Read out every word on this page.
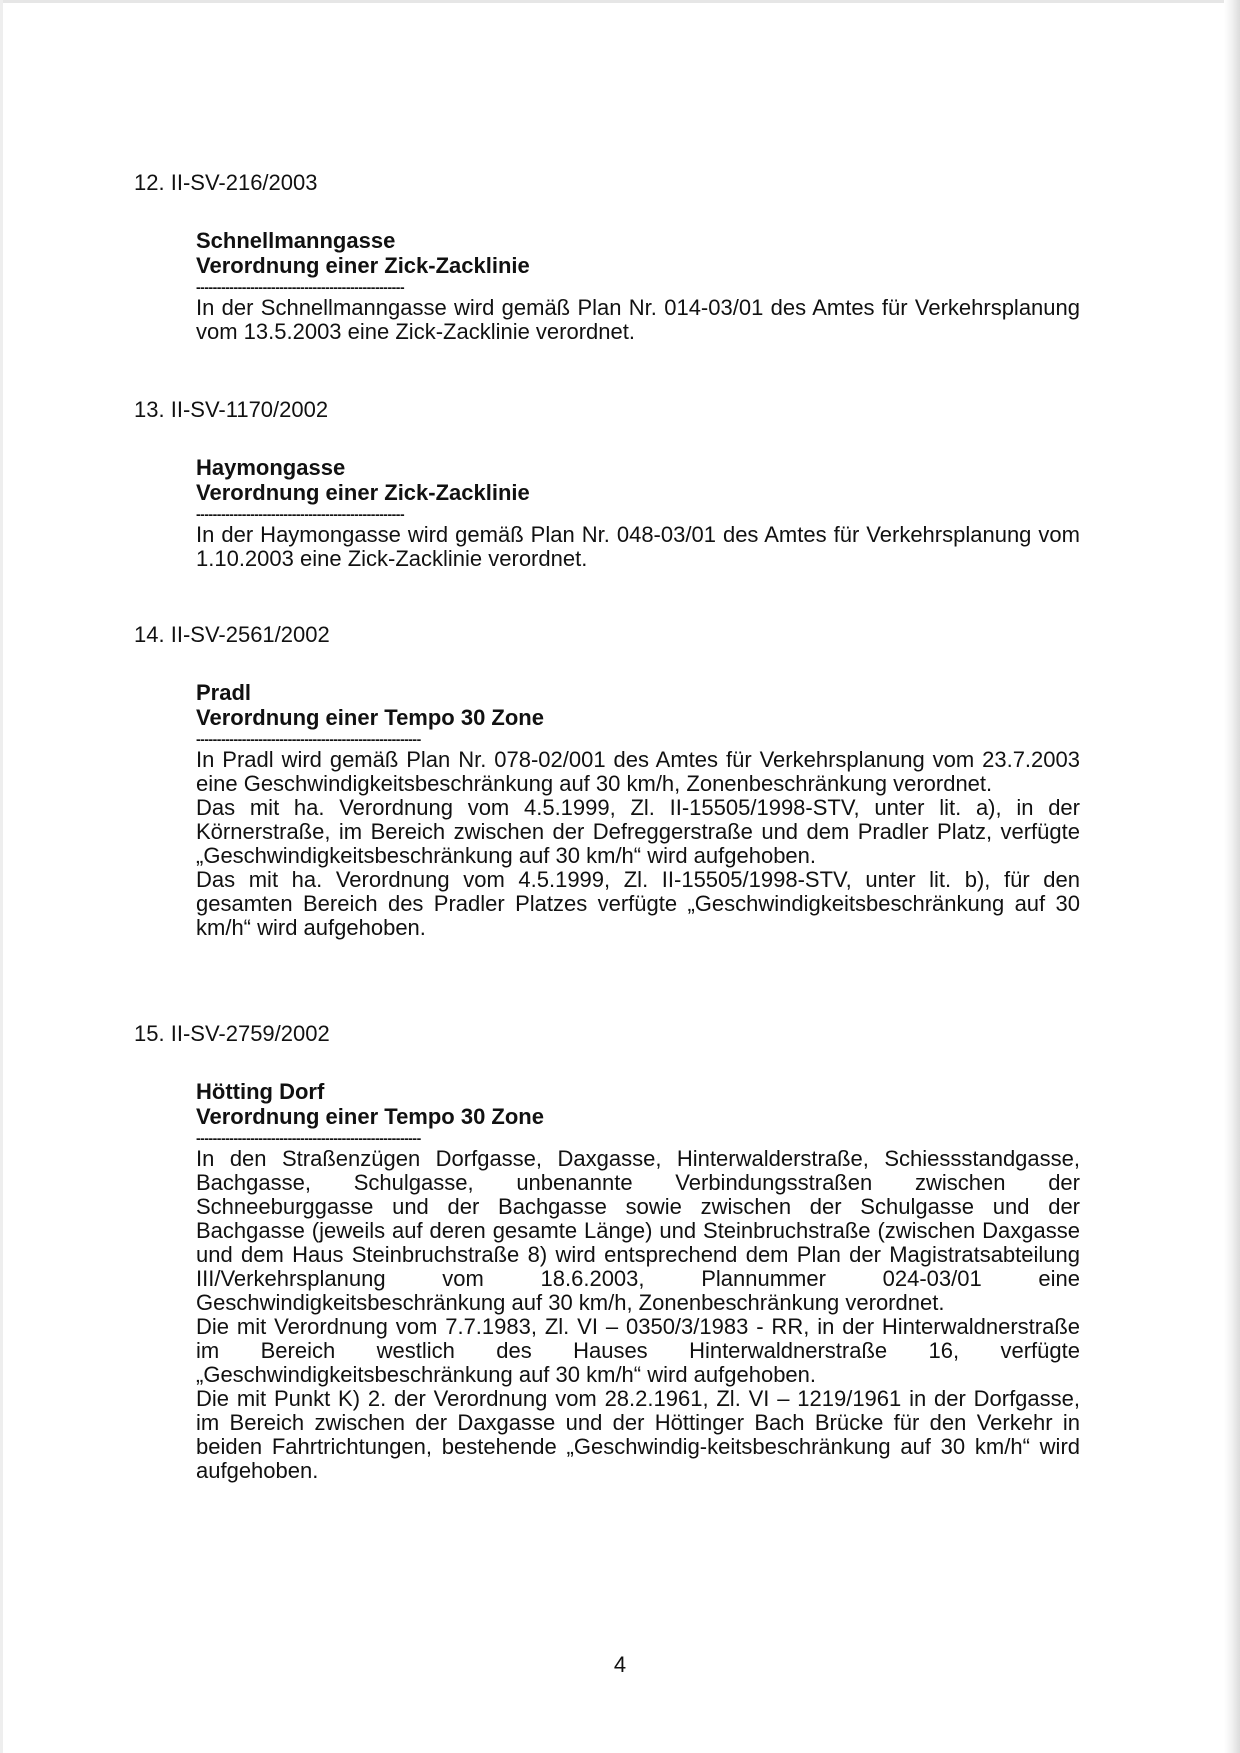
12. II-SV-216/2003

Schnellmanngasse

Verordnung einer Zick-Zacklinie

--------------------------------------------------

In der Schnellmanngasse wird gemäß Plan Nr. 014-03/01 des Amtes für Verkehrsplanung vom 13.5.2003 eine Zick-Zacklinie verordnet.

13. II-SV-1170/2002

Haymongasse

Verordnung einer Zick-Zacklinie

--------------------------------------------------

In der Haymongasse wird gemäß Plan Nr. 048-03/01 des Amtes für Verkehrsplanung vom 1.10.2003 eine Zick-Zacklinie verordnet.

14. II-SV-2561/2002

Pradl

Verordnung einer Tempo 30 Zone

------------------------------------------------------

In Pradl wird gemäß Plan Nr. 078-02/001 des Amtes für Verkehrsplanung vom 23.7.2003 eine Geschwindigkeitsbeschränkung auf 30 km/h, Zonenbeschränkung verordnet.

Das mit ha. Verordnung vom 4.5.1999, Zl. II-15505/1998-STV, unter lit. a), in der Körnerstraße, im Bereich zwischen der Defreggerstraße und dem Pradler Platz, verfügte „Geschwindigkeitsbeschränkung auf 30 km/h“ wird aufgehoben.

Das mit ha. Verordnung vom 4.5.1999, Zl. II-15505/1998-STV, unter lit. b), für den gesamten Bereich des Pradler Platzes verfügte „Geschwindigkeitsbeschränkung auf 30 km/h“ wird aufgehoben.

15. II-SV-2759/2002

Hötting Dorf

Verordnung einer Tempo 30 Zone

------------------------------------------------------

In den Straßenzügen Dorfgasse, Daxgasse, Hinterwalderstraße, Schiessstandgasse, Bachgasse, Schulgasse, unbenannte Verbindungsstraßen zwischen der Schneeburggasse und der Bachgasse sowie zwischen der Schulgasse und der Bachgasse (jeweils auf deren gesamte Länge) und Steinbruchstraße (zwischen Daxgasse und dem Haus Steinbruchstraße 8) wird entsprechend dem Plan der Magistratsabteilung III/Verkehrsplanung vom 18.6.2003, Plannummer 024-03/01 eine Geschwindigkeitsbeschränkung auf 30 km/h, Zonenbeschränkung verordnet.

Die mit Verordnung vom 7.7.1983, Zl. VI – 0350/3/1983 - RR, in der Hinterwaldnerstraße im Bereich westlich des Hauses Hinterwaldnerstraße 16, verfügte „Geschwindigkeitsbeschränkung auf 30 km/h“ wird aufgehoben.

Die mit Punkt K) 2. der Verordnung vom 28.2.1961, Zl. VI – 1219/1961 in der Dorfgasse, im Bereich zwischen der Daxgasse und der Höttinger Bach Brücke für den Verkehr in beiden Fahrtrichtungen, bestehende „Geschwindig-keitsbeschränkung auf 30 km/h“ wird aufgehoben.

4
